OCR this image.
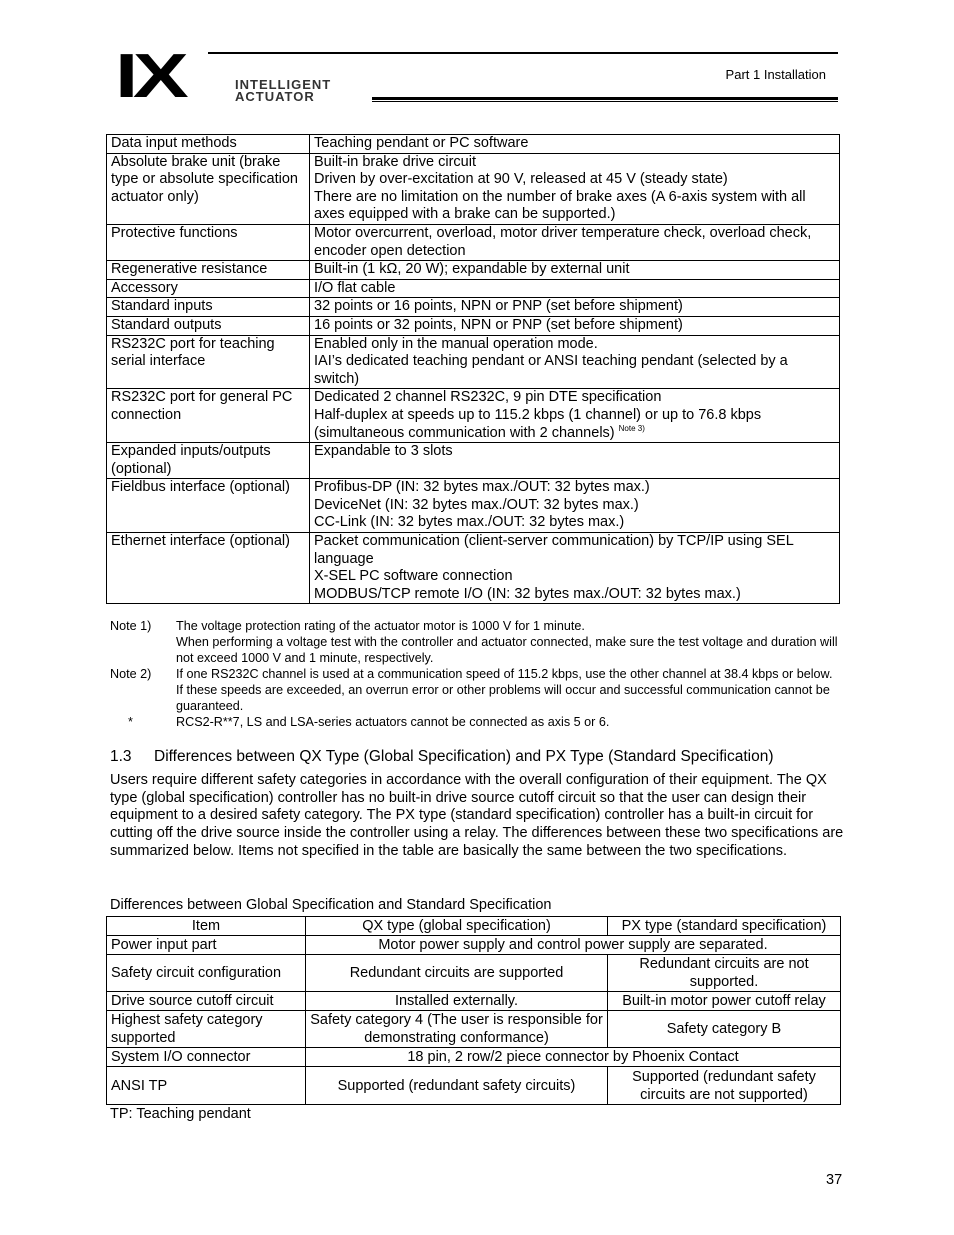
IX	INTELLIGENT
ACTUATOR
Part 1 Installation
Data input methods	Teaching pendant or PC software

Absolute brake unit (brake type or absolute specification actuator only)	Built-in brake drive circuit
Driven by over-excitation at 90 V, released at 45 V (steady state)
There are no limitation on the number of brake axes (A 6-axis system with all axes equipped with a brake can be supported.)

Protective functions	Motor overcurrent, overload, motor driver temperature check, overload check, encoder open detection

Regenerative resistance	Built-in (1 kΩ, 20 W); expandable by external unit

Accessory	I/O flat cable

Standard inputs	32 points or 16 points, NPN or PNP (set before shipment)

Standard outputs	16 points or 32 points, NPN or PNP (set before shipment)

RS232C port for teaching serial interface	Enabled only in the manual operation mode.
IAI’s dedicated teaching pendant or ANSI teaching pendant (selected by a switch)

RS232C port for general PC connection	Dedicated 2 channel RS232C, 9 pin DTE specification
Half-duplex at speeds up to 115.2 kbps (1 channel) or up to 76.8 kbps (simultaneous communication with 2 channels) $^{Note 3)}$

Expanded inputs/outputs (optional)	Expandable to 3 slots

Fieldbus interface (optional)	Profibus-DP (IN: 32 bytes max./OUT: 32 bytes max.)
DeviceNet (IN: 32 bytes max./OUT: 32 bytes max.)
CC-Link (IN: 32 bytes max./OUT: 32 bytes max.)

Ethernet interface (optional)	Packet communication (client-server communication) by TCP/IP using SEL language
X-SEL PC software connection
MODBUS/TCP remote I/O (IN: 32 bytes max./OUT: 32 bytes max.)
Note 1)	The voltage protection rating of the actuator motor is 1000 V for 1 minute.
When performing a voltage test with the controller and actuator connected, make sure the test voltage and duration will not exceed 1000 V and 1 minute, respectively.
Note 2)	If one RS232C channel is used at a communication speed of 115.2 kbps, use the other channel at 38.4 kbps or below. If these speeds are exceeded, an overrun error or other problems will occur and successful communication cannot be guaranteed.
*	RCS2-R**7, LS and LSA-series actuators cannot be connected as axis 5 or 6.
1.3 Differences between QX Type (Global Specification) and PX Type (Standard Specification)
Users require different safety categories in accordance with the overall configuration of their equipment. The QX type (global specification) controller has no built-in drive source cutoff circuit so that the user can design their equipment to a desired safety category. The PX type (standard specification) controller has a built-in circuit for cutting off the drive source inside the controller using a relay. The differences between these two specifications are summarized below. Items not specified in the table are basically the same between the two specifications.
Differences between Global Specification and Standard Specification
Item	QX type (global specification)	PX type (standard specification)
Power input part	Motor power supply and control power supply are separated.	
Safety circuit configuration	Redundant circuits are supported	Redundant circuits are not supported.
Drive source cutoff circuit	Installed externally.	Built-in motor power cutoff relay
Highest safety category supported	Safety category 4 (The user is responsible for demonstrating conformance)	Safety category B
System I/O connector	18 pin, 2 row/2 piece connector by Phoenix Contact	
ANSI TP	Supported (redundant safety circuits)	Supported (redundant safety circuits are not supported)
TP: Teaching pendant
37
